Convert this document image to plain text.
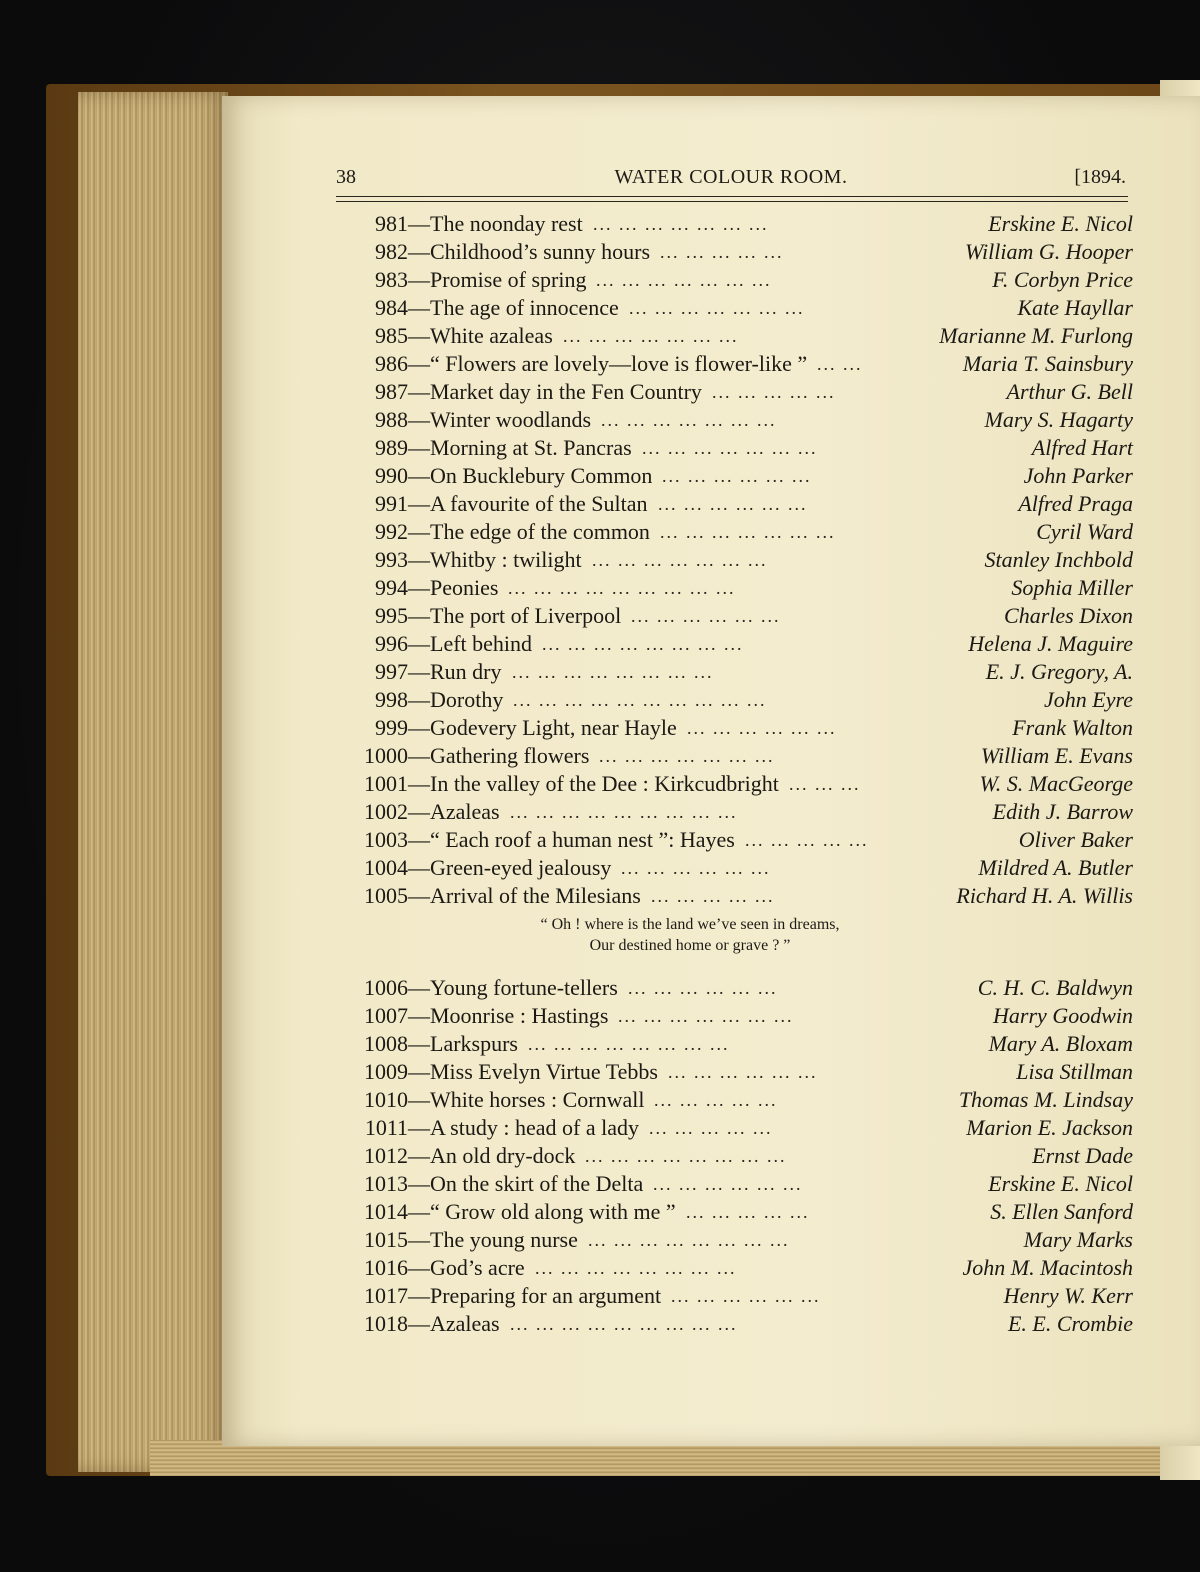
38	WATER COLOUR ROOM.	[1894.
981 —The noonday rest	Erskine E. Nicol
... ... ... ... ... ... ...
982 —Childhood’s sunny hours	William G. Hooper
... ... ... ... ...
983 —Promise of spring	F. Corbyn Price
... ... ... ... ... ... ...
984 —The age of innocence	Kate Hayllar
... ... ... ... ... ... ...
985 —White azaleas	Marianne M. Furlong
... ... ... ... ... ... ...
986 —“ Flowers are lovely—love is flower-like ”	Maria T. Sainsbury
... ...
987 —Market day in the Fen Country	Arthur G. Bell
... ... ... ... ...
988 —Winter woodlands	Mary S. Hagarty
... ... ... ... ... ... ...
989 —Morning at St. Pancras	Alfred Hart
... ... ... ... ... ... ...
990 —On Bucklebury Common	John Parker
... ... ... ... ... ...
991 —A favourite of the Sultan	Alfred Praga
... ... ... ... ... ...
992 —The edge of the common	Cyril Ward
... ... ... ... ... ... ...
993 —Whitby : twilight	Stanley Inchbold
... ... ... ... ... ... ...
994 —Peonies	Sophia Miller
... ... ... ... ... ... ... ... ...
995 —The port of Liverpool	Charles Dixon
... ... ... ... ... ...
996 —Left behind	Helena J. Maguire
... ... ... ... ... ... ... ...
997 —Run dry	E. J. Gregory, A.
... ... ... ... ... ... ... ...
998 —Dorothy	John Eyre
... ... ... ... ... ... ... ... ... ...
999 —Godevery Light, near Hayle	Frank Walton
... ... ... ... ... ...
1000 —Gathering flowers	William E. Evans
... ... ... ... ... ... ...
1001 —In the valley of the Dee : Kirkcudbright	W. S. MacGeorge
... ... ...
1002 —Azaleas	Edith J. Barrow
... ... ... ... ... ... ... ... ...
1003 —“ Each roof a human nest ”: Hayes	Oliver Baker
... ... ... ... ...
1004 —Green-eyed jealousy	Mildred A. Butler
... ... ... ... ... ...
1005 —Arrival of the Milesians	Richard H. A. Willis
... ... ... ... ...
“ Oh ! where is the land we’ve seen in dreams,
Our destined home or grave ? ”
1006 —Young fortune-tellers	C. H. C. Baldwyn
... ... ... ... ... ...
1007 —Moonrise : Hastings	Harry Goodwin
... ... ... ... ... ... ...
1008 —Larkspurs	Mary A. Bloxam
... ... ... ... ... ... ... ...
1009 —Miss Evelyn Virtue Tebbs	Lisa Stillman
... ... ... ... ... ...
1010 —White horses : Cornwall	Thomas M. Lindsay
... ... ... ... ...
1011 —A study : head of a lady	Marion E. Jackson
... ... ... ... ...
1012 —An old dry-dock	Ernst Dade
... ... ... ... ... ... ... ...
1013 —On the skirt of the Delta	Erskine E. Nicol
... ... ... ... ... ...
1014 —“ Grow old along with me ”	S. Ellen Sanford
... ... ... ... ...
1015 —The young nurse	Mary Marks
... ... ... ... ... ... ... ...
1016 —God’s acre	John M. Macintosh
... ... ... ... ... ... ... ...
1017 —Preparing for an argument	Henry W. Kerr
... ... ... ... ... ...
1018 —Azaleas	E. E. Crombie
... ... ... ... ... ... ... ... ...
